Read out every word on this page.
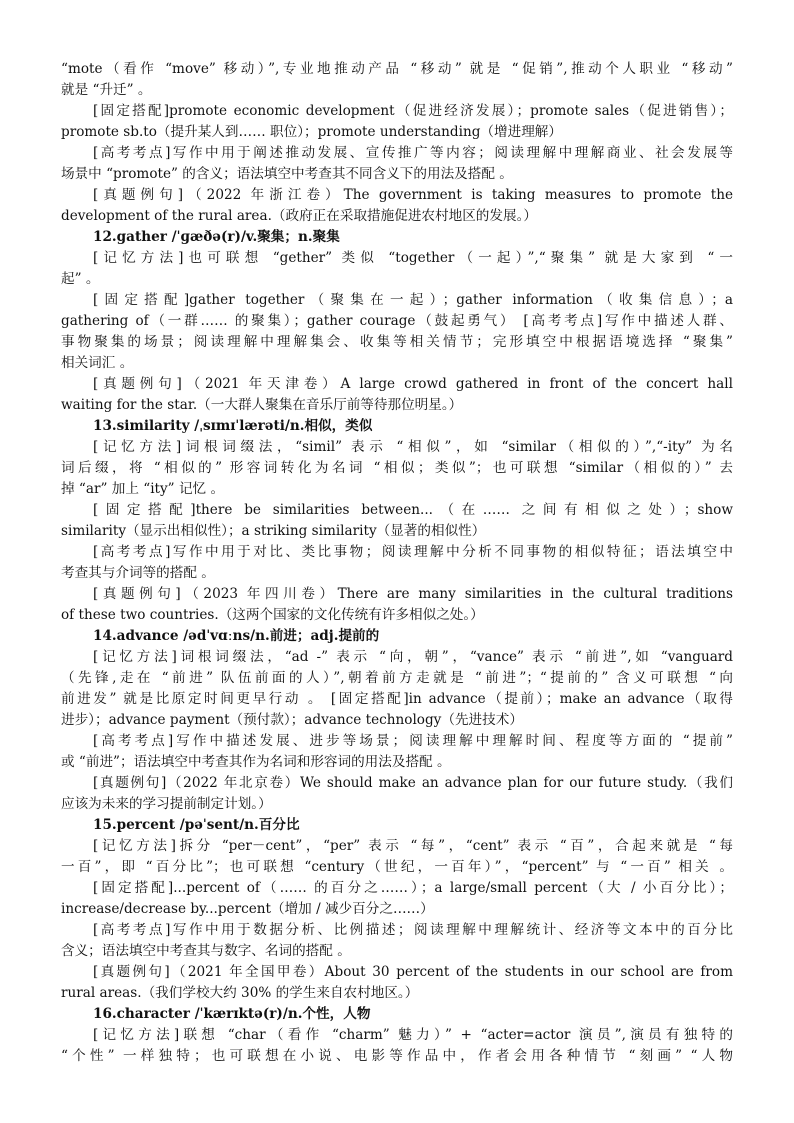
“mote（看作 “move” 移动）”,专业地推动产品 “移动” 就是 “促销”,推动个人职业 “移动”
就是 “升迁” 。
[固定搭配]promote economic development（促进经济发展）；promote sales（促进销售）；
promote sb.to（提升某人到…… 职位）；promote understanding（增进理解）
[高考考点]写作中用于阐述推动发展、宣传推广等内容；阅读理解中理解商业、社会发展等
场景中 “promote” 的含义；语法填空中考查其不同含义下的用法及搭配 。
[真题例句]（2022 年浙江卷）The government is taking measures to promote the
development of the rural area.（政府正在采取措施促进农村地区的发展。）
12.gather /ˈɡæðə(r)/v.聚集；n.聚集
[记忆方法]也可联想 “gether” 类似 “together（一起）”,“聚集” 就是大家到 “一
起” 。
[固定搭配]gather together（聚集在一起）；gather information（收集信息）；a
gathering of（一群…… 的聚集）；gather courage（鼓起勇气） [高考考点]写作中描述人群、
事物聚集的场景；阅读理解中理解集会、收集等相关情节；完形填空中根据语境选择 “聚集”
相关词汇 。
[真题例句]（2021 年天津卷）A large crowd gathered in front of the concert hall
waiting for the star.（一大群人聚集在音乐厅前等待那位明星。）
13.similarity /ˌsɪmɪˈlærəti/n.相似，类似
[记忆方法]词根词缀法，“simil” 表示 “相似”，如 “similar（相似的）”,“-ity” 为名
词后缀，将 “相似的” 形容词转化为名词 “相似；类似”；也可联想 “similar（相似的）” 去
掉 “ar” 加上 “ity” 记忆 。
[固定搭配]there be similarities between...（在…… 之间有相似之处）；show
similarity（显示出相似性）；a striking similarity（显著的相似性）
[高考考点]写作中用于对比、类比事物；阅读理解中分析不同事物的相似特征；语法填空中
考查其与介词等的搭配 。
[真题例句]（2023 年四川卷）There are many similarities in the cultural traditions
of these two countries.（这两个国家的文化传统有许多相似之处。）
14.advance /ədˈvɑːns/n.前进；adj.提前的
[记忆方法]词根词缀法，“ad -” 表示 “向，朝”，“vance” 表示 “前进”,如 “vanguard
（先锋,走在 “前进” 队伍前面的人）”,朝着前方走就是 “前进”；“提前的” 含义可联想 “向
前进发” 就是比原定时间更早行动 。 [固定搭配]in advance（提前）；make an advance（取得
进步）；advance payment（预付款）；advance technology（先进技术）
[高考考点]写作中描述发展、进步等场景；阅读理解中理解时间、程度等方面的 “提前”
或 “前进”；语法填空中考查其作为名词和形容词的用法及搭配 。
[真题例句]（2022 年北京卷）We should make an advance plan for our future study.（我们
应该为未来的学习提前制定计划。）
15.percent /pəˈsent/n.百分比
[记忆方法]拆分 “per－cent”，“per” 表示 “每”，“cent” 表示 “百”，合起来就是 “每
一百”，即 “百分比”；也可联想 “century（世纪，一百年）”，“percent” 与 “一百” 相关 。
[固定搭配]...percent of（…… 的百分之……）；a large/small percent（大 / 小百分比）；
increase/decrease by...percent（增加 / 减少百分之……）
[高考考点]写作中用于数据分析、比例描述；阅读理解中理解统计、经济等文本中的百分比
含义；语法填空中考查其与数字、名词的搭配 。
[真题例句]（2021 年全国甲卷）About 30 percent of the students in our school are from
rural areas.（我们学校大约 30% 的学生来自农村地区。）
16.character /ˈkærɪktə(r)/n.个性，人物
[记忆方法]联想 “char（看作 “charm” 魅力）” + “acter=actor 演员”,演员有独特的
“个性” 一样独特；也可联想在小说、电影等作品中，作者会用各种情节 “刻画” “人物
